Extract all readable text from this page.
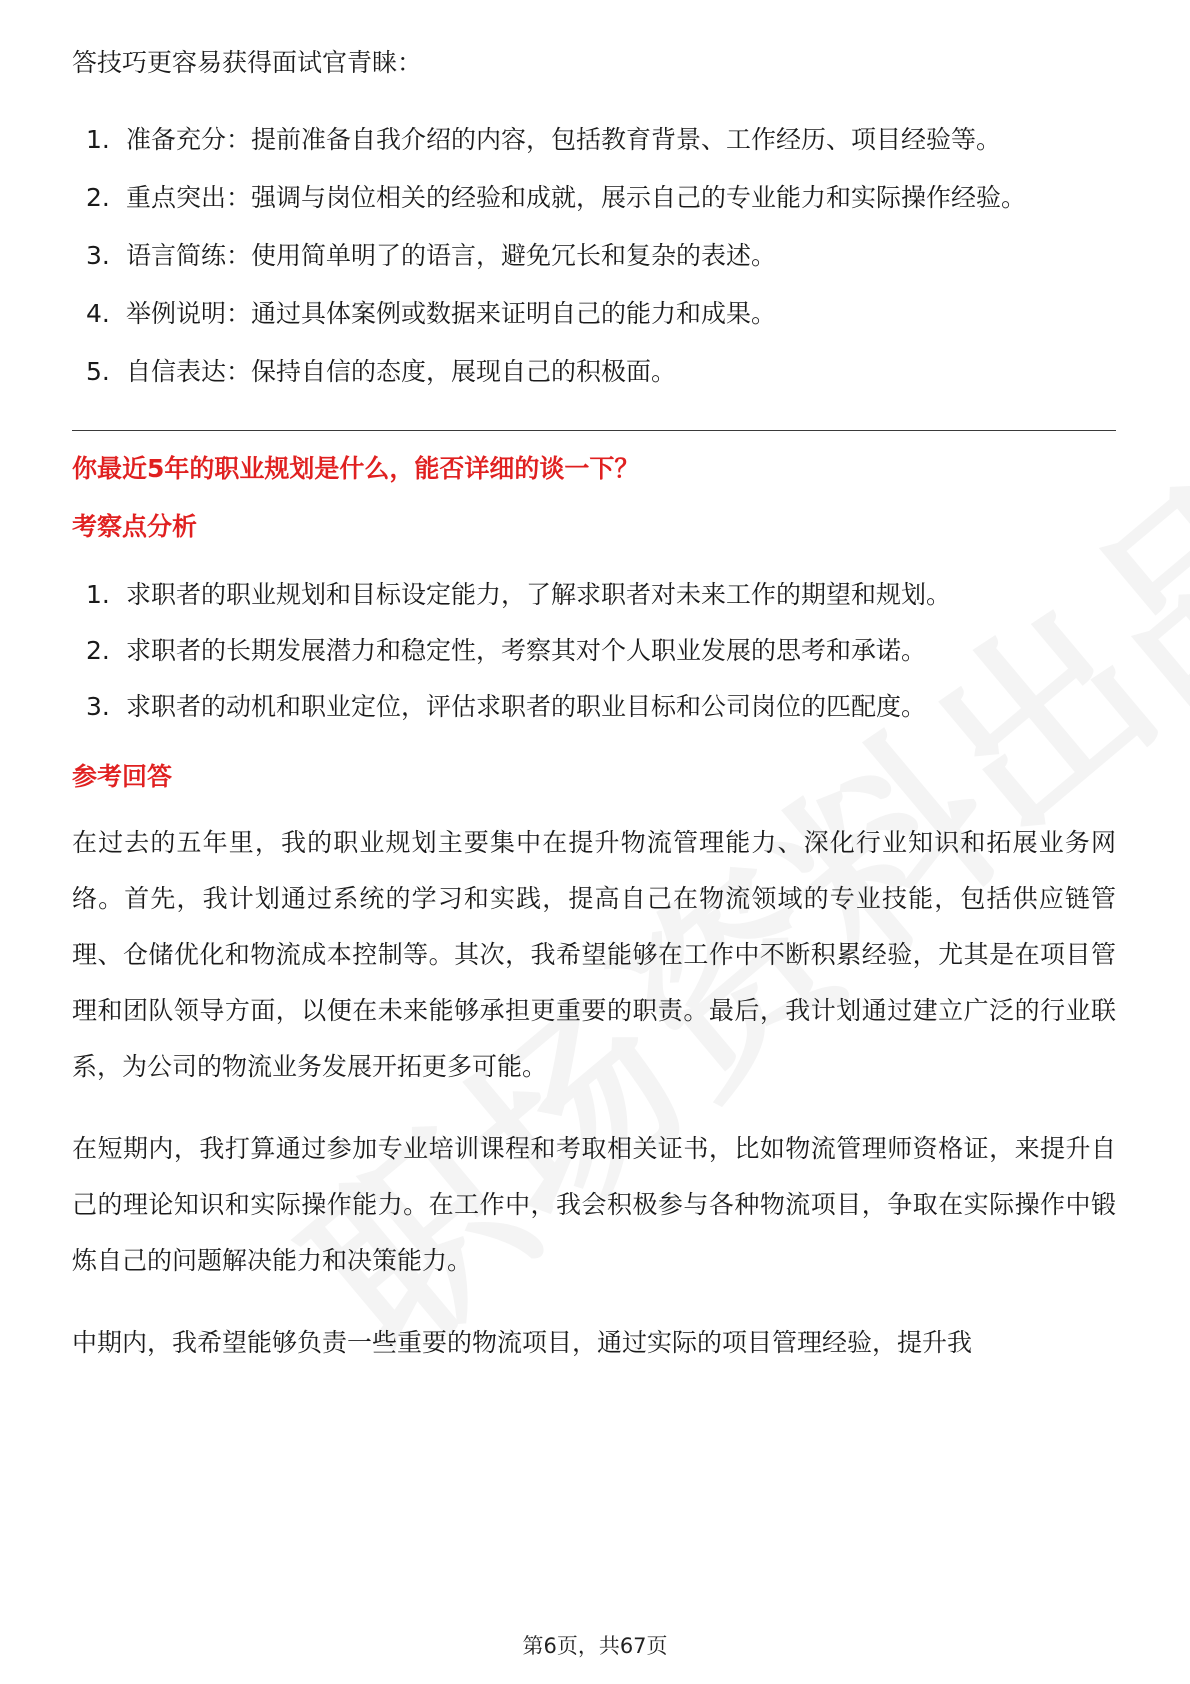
答技巧更容易获得面试官青睐：

1. 准备充分：提前准备自我介绍的内容，包括教育背景、工作经历、项目经验等。
2. 重点突出：强调与岗位相关的经验和成就，展示自己的专业能力和实际操作经验。
3. 语言简练：使用简单明了的语言，避免冗长和复杂的表述。
4. 举例说明：通过具体案例或数据来证明自己的能力和成果。
5. 自信表达：保持自信的态度，展现自己的积极面。

你最近5年的职业规划是什么，能否详细的谈一下？

考察点分析

1. 求职者的职业规划和目标设定能力，了解求职者对未来工作的期望和规划。
2. 求职者的长期发展潜力和稳定性，考察其对个人职业发展的思考和承诺。
3. 求职者的动机和职业定位，评估求职者的职业目标和公司岗位的匹配度。

参考回答

在过去的五年里，我的职业规划主要集中在提升物流管理能力、深化行业知识和拓展业务网络。首先，我计划通过系统的学习和实践，提高自己在物流领域的专业技能，包括供应链管理、仓储优化和物流成本控制等。其次，我希望能够在工作中不断积累经验，尤其是在项目管理和团队领导方面，以便在未来能够承担更重要的职责。最后，我计划通过建立广泛的行业联系，为公司的物流业务发展开拓更多可能。

在短期内，我打算通过参加专业培训课程和考取相关证书，比如物流管理师资格证，来提升自己的理论知识和实际操作能力。在工作中，我会积极参与各种物流项目，争取在实际操作中锻炼自己的问题解决能力和决策能力。

中期内，我希望能够负责一些重要的物流项目，通过实际的项目管理经验，提升我

第6页，共67页
